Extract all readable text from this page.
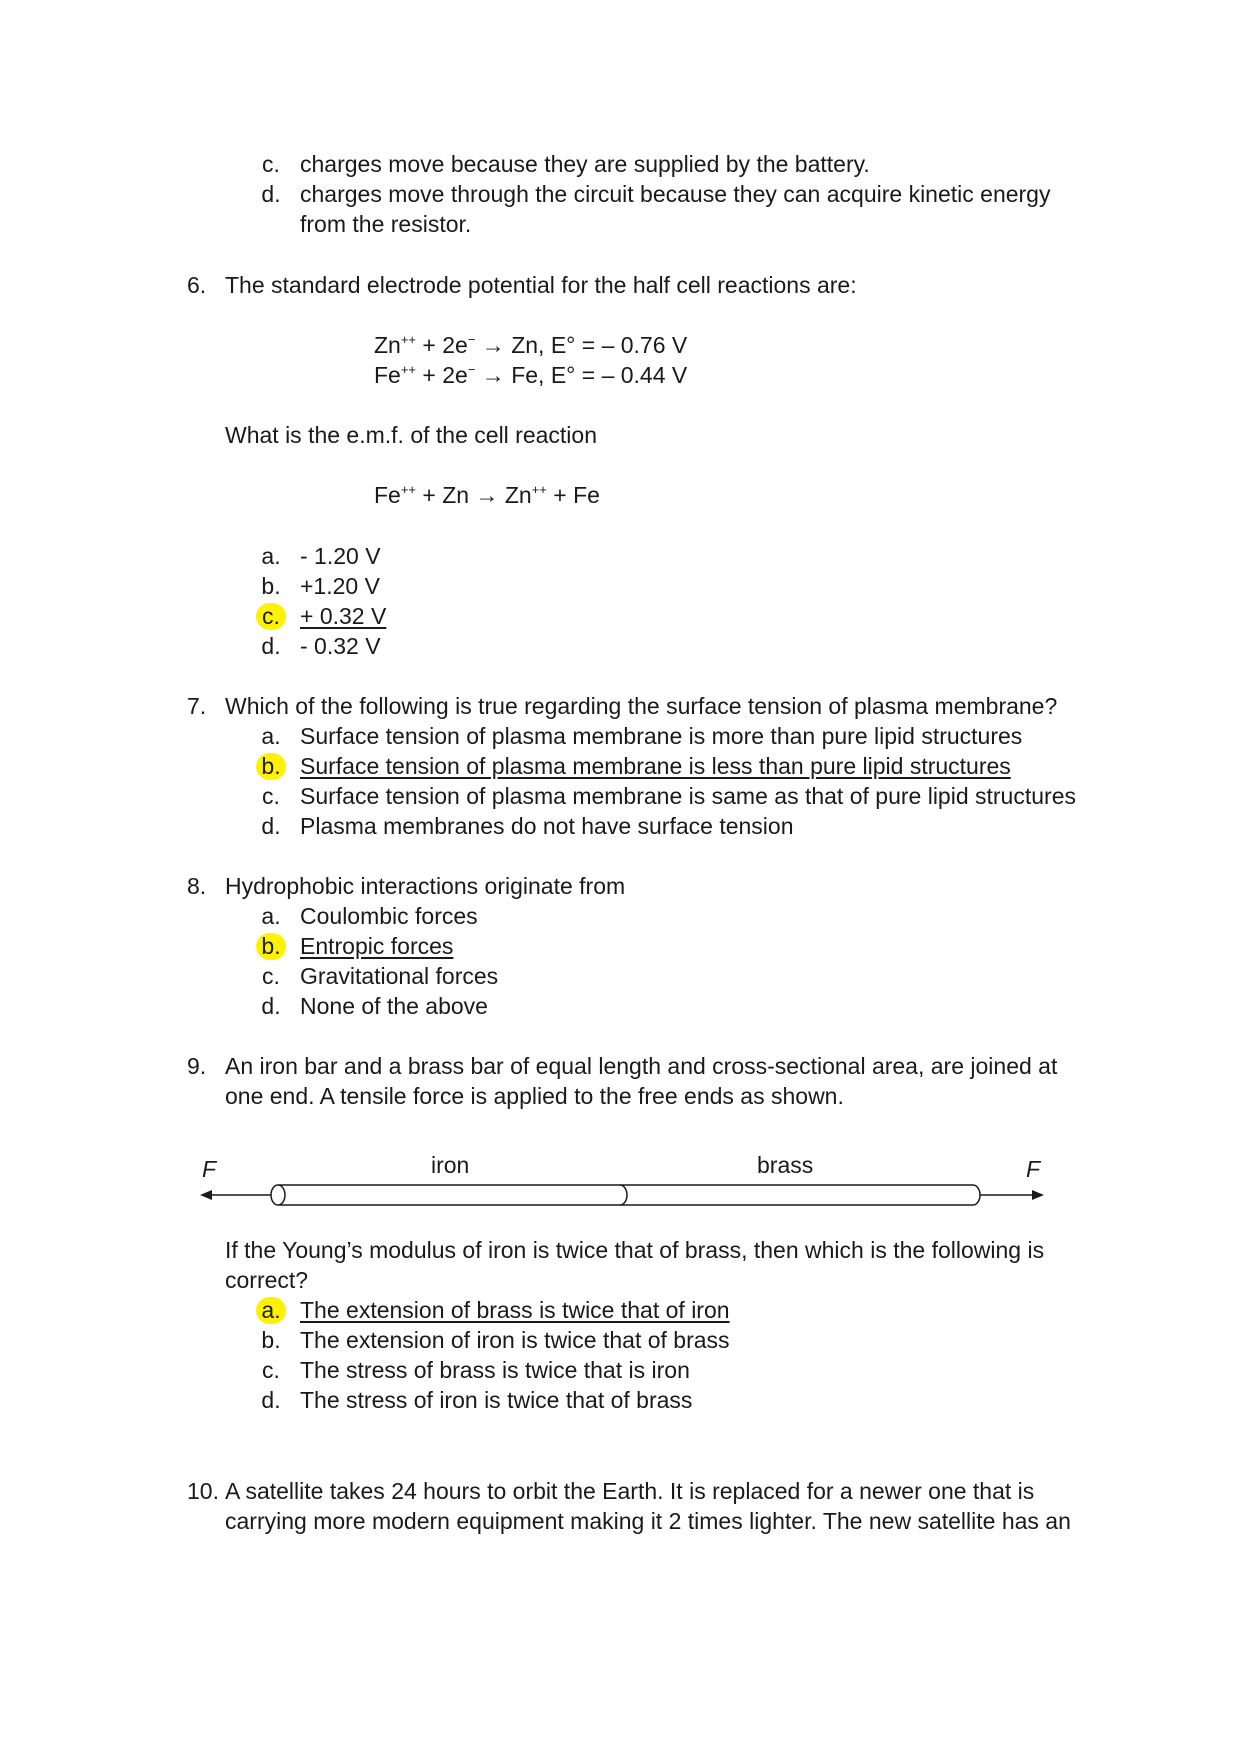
c. charges move because they are supplied by the battery.
d. charges move through the circuit because they can acquire kinetic energy
from the resistor.
6. The standard electrode potential for the half cell reactions are:
Zn++ + 2e− → Zn, E° = – 0.76 V
Fe++ + 2e− → Fe, E° = – 0.44 V
What is the e.m.f. of the cell reaction
Fe++ + Zn → Zn++ + Fe
a. - 1.20 V
b. +1.20 V
c. + 0.32 V
d. - 0.32 V
7. Which of the following is true regarding the surface tension of plasma membrane?
a. Surface tension of plasma membrane is more than pure lipid structures
b. Surface tension of plasma membrane is less than pure lipid structures
c. Surface tension of plasma membrane is same as that of pure lipid structures
d. Plasma membranes do not have surface tension
8. Hydrophobic interactions originate from
a. Coulombic forces
b. Entropic forces
c. Gravitational forces
d. None of the above
9. An iron bar and a brass bar of equal length and cross-sectional area, are joined at
one end. A tensile force is applied to the free ends as shown.
F	iron	brass	F
If the Young’s modulus of iron is twice that of brass, then which is the following is
correct?
a. The extension of brass is twice that of iron
b. The extension of iron is twice that of brass
c. The stress of brass is twice that is iron
d. The stress of iron is twice that of brass
10. A satellite takes 24 hours to orbit the Earth. It is replaced for a newer one that is
carrying more modern equipment making it 2 times lighter. The new satellite has an
